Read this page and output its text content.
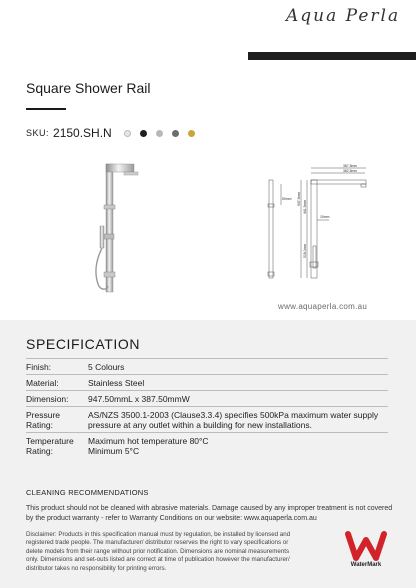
Aqua Perla
Square Shower Rail
SKU: 2150.SH.N
387.5mm
382.5mm
50mm
15mm
947.5mm
441.5mm
508.0mm
www.aquaperla.com.au
SPECIFICATION
Finish:	5 Colours
Material:	Stainless Steel
Dimension:	947.50mmL x 387.50mmW
Pressure Rating:
AS/NZS 3500.1-2003 (Clause3.3.4) specifies 500kPa maximum water supply pressure at any outlet within a building for new installations.
Temperature Rating:
Maximum hot temperature 80°C
Minimum 5°C
CLEANING RECOMMENDATIONS
This product should not be cleaned with abrasive materials. Damage caused by any improper treatment is not covered by the product warranty - refer to Warranty Conditions on our website: www.aquaperla.com.au
Disclaimer: Products in this specification manual must by regulation, be installed by licensed and registered trade people. The manufacturer/ distributor reserves the right to vary specifications or delete models from their range without prior notification. Dimensions are nominal measurements only. Dimensions and set-outs listed are correct at time of publication however the manufacturer/ distributor takes no responsibility for printing errors.	WaterMark
